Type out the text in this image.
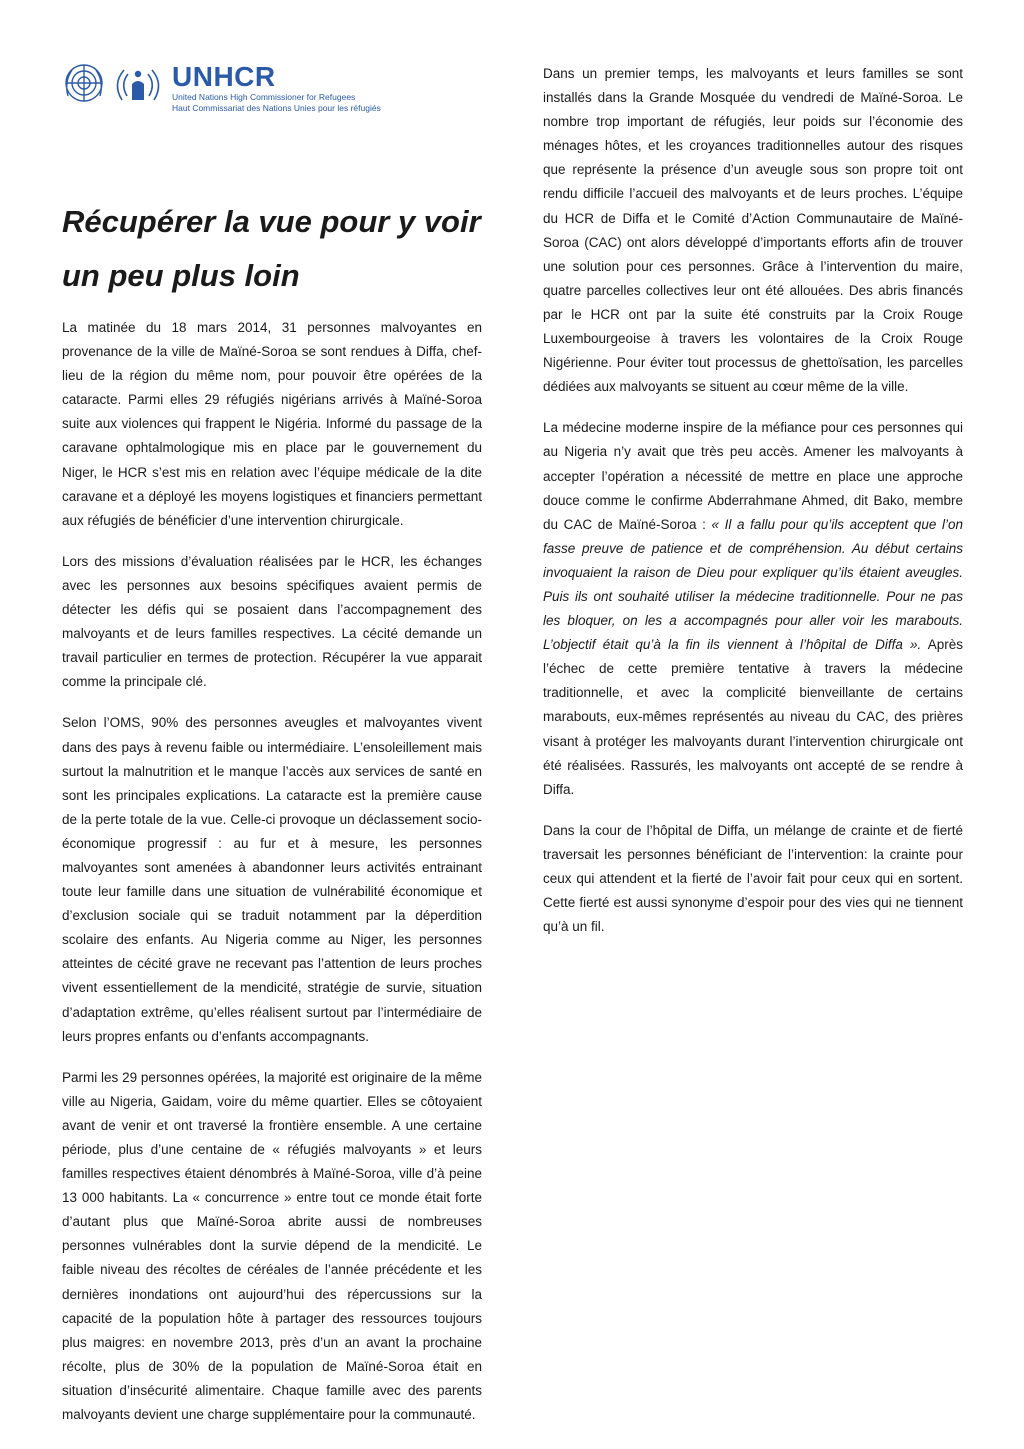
UNHCR
United Nations High Commissioner for Refugees
Haut Commissariat des Nations Unies pour les réfugiés
Récupérer la vue pour y voir un peu plus loin

La matinée du 18 mars 2014, 31 personnes malvoyantes en provenance de la ville de Maïné-Soroa se sont rendues à Diffa, chef-lieu de la région du même nom, pour pouvoir être opérées de la cataracte. Parmi elles 29 réfugiés nigérians arrivés à Maïné-Soroa suite aux violences qui frappent le Nigéria. Informé du passage de la caravane ophtalmologique mis en place par le gouvernement du Niger, le HCR s’est mis en relation avec l’équipe médicale de la dite caravane et a déployé les moyens logistiques et financiers permettant aux réfugiés de bénéficier d’une intervention chirurgicale.

Lors des missions d’évaluation réalisées par le HCR, les échanges avec les personnes aux besoins spécifiques avaient permis de détecter les défis qui se posaient dans l’accompagnement des malvoyants et de leurs familles respectives. La cécité demande un travail particulier en termes de protection. Récupérer la vue apparait comme la principale clé.

Selon l’OMS, 90% des personnes aveugles et malvoyantes vivent dans des pays à revenu faible ou intermédiaire. L’ensoleillement mais surtout la malnutrition et le manque l’accès aux services de santé en sont les principales explications. La cataracte est la première cause de la perte totale de la vue. Celle-ci provoque un déclassement socio-économique progressif : au fur et à mesure, les personnes malvoyantes sont amenées à abandonner leurs activités entrainant toute leur famille dans une situation de vulnérabilité économique et d’exclusion sociale qui se traduit notamment par la déperdition scolaire des enfants. Au Nigeria comme au Niger, les personnes atteintes de cécité grave ne recevant pas l’attention de leurs proches vivent essentiellement de la mendicité, stratégie de survie, situation d’adaptation extrême, qu’elles réalisent surtout par l’intermédiaire de leurs propres enfants ou d’enfants accompagnants.

Parmi les 29 personnes opérées, la majorité est originaire de la même ville au Nigeria, Gaidam, voire du même quartier. Elles se côtoyaient avant de venir et ont traversé la frontière ensemble. A une certaine période, plus d’une centaine de « réfugiés malvoyants » et leurs familles respectives étaient dénombrés à Maïné-Soroa, ville d’à peine 13 000 habitants. La « concurrence » entre tout ce monde était forte d’autant plus que Maïné-Soroa abrite aussi de nombreuses personnes vulnérables dont la survie dépend de la mendicité. Le faible niveau des récoltes de céréales de l’année précédente et les dernières inondations ont aujourd’hui des répercussions sur la capacité de la population hôte à partager des ressources toujours plus maigres: en novembre 2013, près d’un an avant la prochaine récolte, plus de 30% de la population de Maïné-Soroa était en situation d’insécurité alimentaire. Chaque famille avec des parents malvoyants devient une charge supplémentaire pour la communauté.

Dans un premier temps, les malvoyants et leurs familles se sont installés dans la Grande Mosquée du vendredi de Maïné-Soroa. Le nombre trop important de réfugiés, leur poids sur l’économie des ménages hôtes, et les croyances traditionnelles autour des risques que représente la présence d’un aveugle sous son propre toit ont rendu difficile l’accueil des malvoyants et de leurs proches. L’équipe du HCR de Diffa et le Comité d’Action Communautaire de Maïné-Soroa (CAC) ont alors développé d’importants efforts afin de trouver une solution pour ces personnes. Grâce à l’intervention du maire, quatre parcelles collectives leur ont été allouées. Des abris financés par le HCR ont par la suite été construits par la Croix Rouge Luxembourgeoise à travers les volontaires de la Croix Rouge Nigérienne. Pour éviter tout processus de ghettoïsation, les parcelles dédiées aux malvoyants se situent au cœur même de la ville.

La médecine moderne inspire de la méfiance pour ces personnes qui au Nigeria n’y avait que très peu accès. Amener les malvoyants à accepter l’opération a nécessité de mettre en place une approche douce comme le confirme Abderrahmane Ahmed, dit Bako, membre du CAC de Maïné-Soroa : « Il a fallu pour qu’ils acceptent que l’on fasse preuve de patience et de compréhension. Au début certains invoquaient la raison de Dieu pour expliquer qu’ils étaient aveugles. Puis ils ont souhaité utiliser la médecine traditionnelle. Pour ne pas les bloquer, on les a accompagnés pour aller voir les marabouts. L’objectif était qu’à la fin ils viennent à l’hôpital de Diffa ». Après l’échec de cette première tentative à travers la médecine traditionnelle, et avec la complicité bienveillante de certains marabouts, eux-mêmes représentés au niveau du CAC, des prières visant à protéger les malvoyants durant l’intervention chirurgicale ont été réalisées. Rassurés, les malvoyants ont accepté de se rendre à Diffa.

Dans la cour de l’hôpital de Diffa, un mélange de crainte et de fierté traversait les personnes bénéficiant de l’intervention: la crainte pour ceux qui attendent et la fierté de l’avoir fait pour ceux qui en sortent. Cette fierté est aussi synonyme d’espoir pour des vies qui ne tiennent qu’à un fil.
